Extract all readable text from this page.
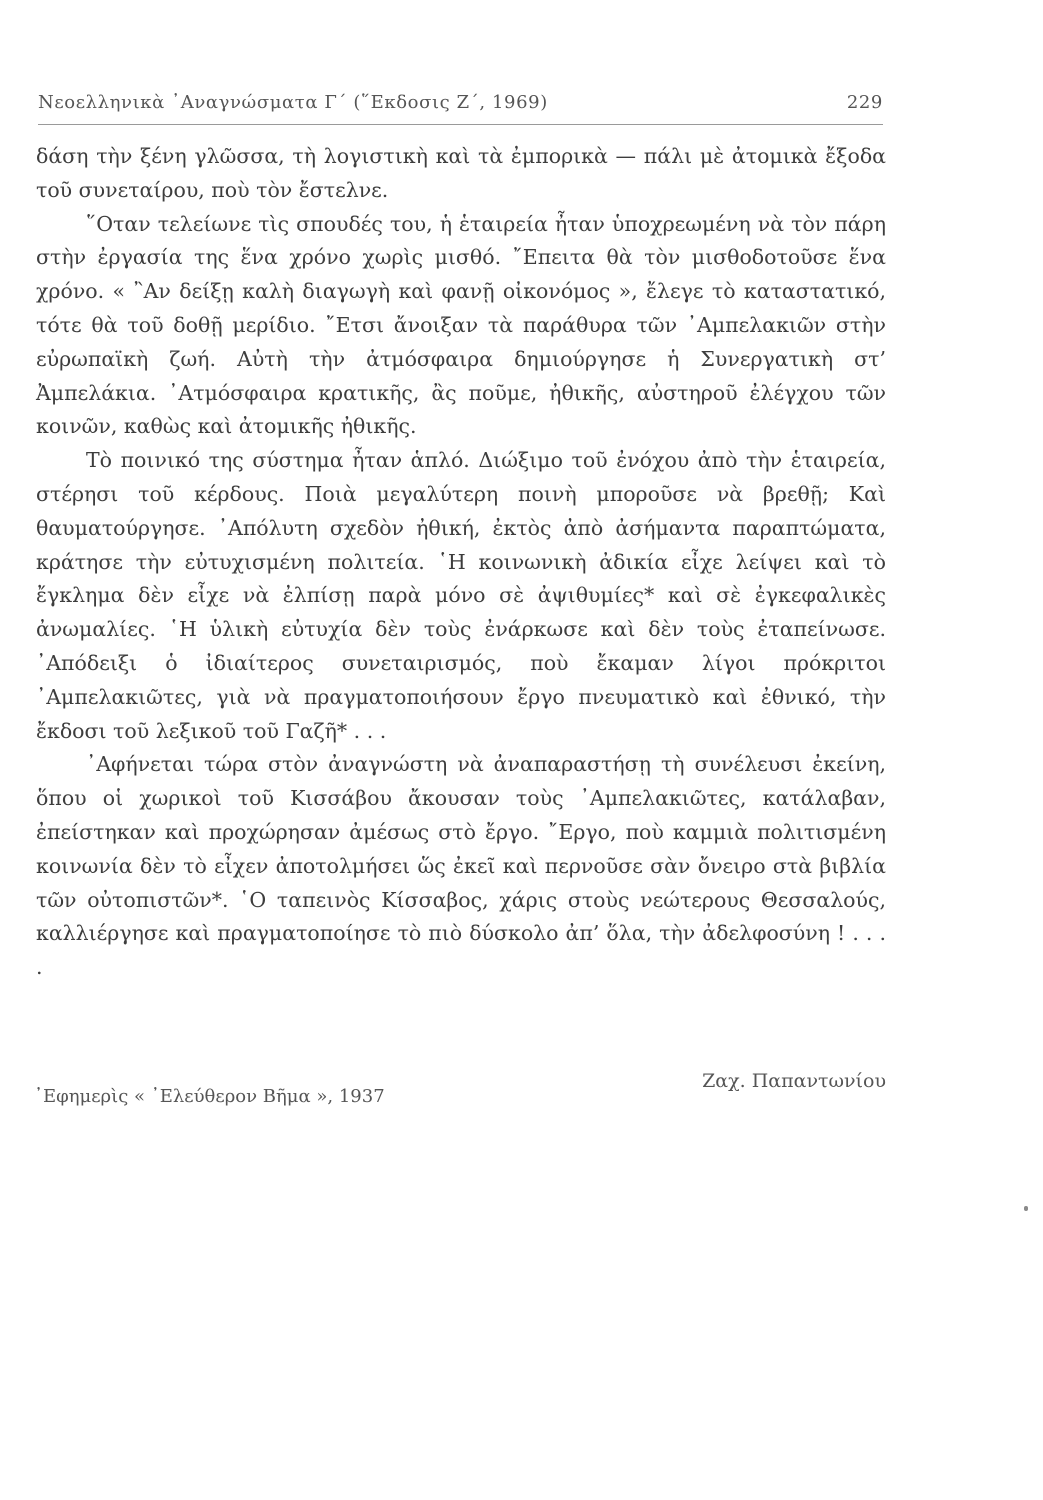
Νεοελληνικὰ ᾿Αναγνώσματα Γ΄ (῞Εκδοσις Ζ΄, 1969)	229

δάση τὴν ξένη γλῶσσα, τὴ λογιστικὴ καὶ τὰ ἐμπορικὰ — πάλι μὲ ἀτομικὰ ἔξοδα τοῦ συνεταίρου, ποὺ τὸν ἔστελνε.

῞Οταν τελείωνε τὶς σπουδές του, ἡ ἑταιρεία ἦταν ὑποχρεωμένη νὰ τὸν πάρη στὴν ἐργασία της ἕνα χρόνο χωρὶς μισθό. ῎Επειτα θὰ τὸν μισθοδοτοῦσε ἕνα χρόνο. « ῍Αν δείξῃ καλὴ διαγωγὴ καὶ φανῇ οἰκονόμος », ἔλεγε τὸ καταστατικό, τότε θὰ τοῦ δοθῇ μερίδιο. ῎Ετσι ἄνοιξαν τὰ παράθυρα τῶν ᾿Αμπελακιῶν στὴν εὐρωπαϊκὴ ζωή. Αὐτὴ τὴν ἀτμόσφαιρα δημιούργησε ἡ Συνεργατικὴ στ’ Ἀμπελάκια. ᾿Ατμόσφαιρα κρατικῆς, ἂς ποῦμε, ἠθικῆς, αὐστηροῦ ἐλέγχου τῶν κοινῶν, καθὼς καὶ ἀτομικῆς ἠθικῆς.

Τὸ ποινικό της σύστημα ἦταν ἁπλό. Διώξιμο τοῦ ἐνόχου ἀπὸ τὴν ἑταιρεία, στέρησι τοῦ κέρδους. Ποιὰ μεγαλύτερη ποινὴ μποροῦσε νὰ βρεθῇ; Καὶ θαυματούργησε. ᾿Απόλυτη σχεδὸν ἠθική, ἐκτὸς ἀπὸ ἀσήμαντα παραπτώματα, κράτησε τὴν εὐτυχισμένη πολιτεία. ῾Η κοινωνικὴ ἀδικία εἶχε λείψει καὶ τὸ ἔγκλημα δὲν εἶχε νὰ ἐλπίσῃ παρὰ μόνο σὲ ἀψιθυμίες* καὶ σὲ ἐγκεφαλικὲς ἀνωμαλίες. ῾Η ὑλικὴ εὐτυχία δὲν τοὺς ἐνάρκωσε καὶ δὲν τοὺς ἐταπείνωσε. ᾿Απόδειξι ὁ ἰδιαίτερος συνεταιρισμός, ποὺ ἔκαμαν λίγοι πρόκριτοι ᾿Αμπελακιῶτες, γιὰ νὰ πραγματοποιήσουν ἔργο πνευματικὸ καὶ ἐθνικό, τὴν ἔκδοσι τοῦ λεξικοῦ τοῦ Γαζῆ* . . .

᾿Αφήνεται τώρα στὸν ἀναγνώστη νὰ ἀναπαραστήσῃ τὴ συνέλευσι ἐκείνη, ὅπου οἱ χωρικοὶ τοῦ Κισσάβου ἄκουσαν τοὺς ᾿Αμπελακιῶτες, κατάλαβαν, ἐπείστηκαν καὶ προχώρησαν ἀμέσως στὸ ἔργο. ῎Εργο, ποὺ καμμιὰ πολιτισμένη κοινωνία δὲν τὸ εἶχεν ἀποτολμήσει ὥς ἐκεῖ καὶ περνοῦσε σὰν ὄνειρο στὰ βιβλία τῶν οὐτοπιστῶν*. ῾Ο ταπεινὸς Κίσσαβος, χάρις στοὺς νεώτερους Θεσσαλούς, καλλιέργησε καὶ πραγματοποίησε τὸ πιὸ δύσκολο ἀπ’ ὅλα, τὴν ἀδελφοσύνη ! . . . .

᾿Εφημερὶς « ᾿Ελεύθερον Βῆμα », 1937
Ζαχ. Παπαντωνίου
